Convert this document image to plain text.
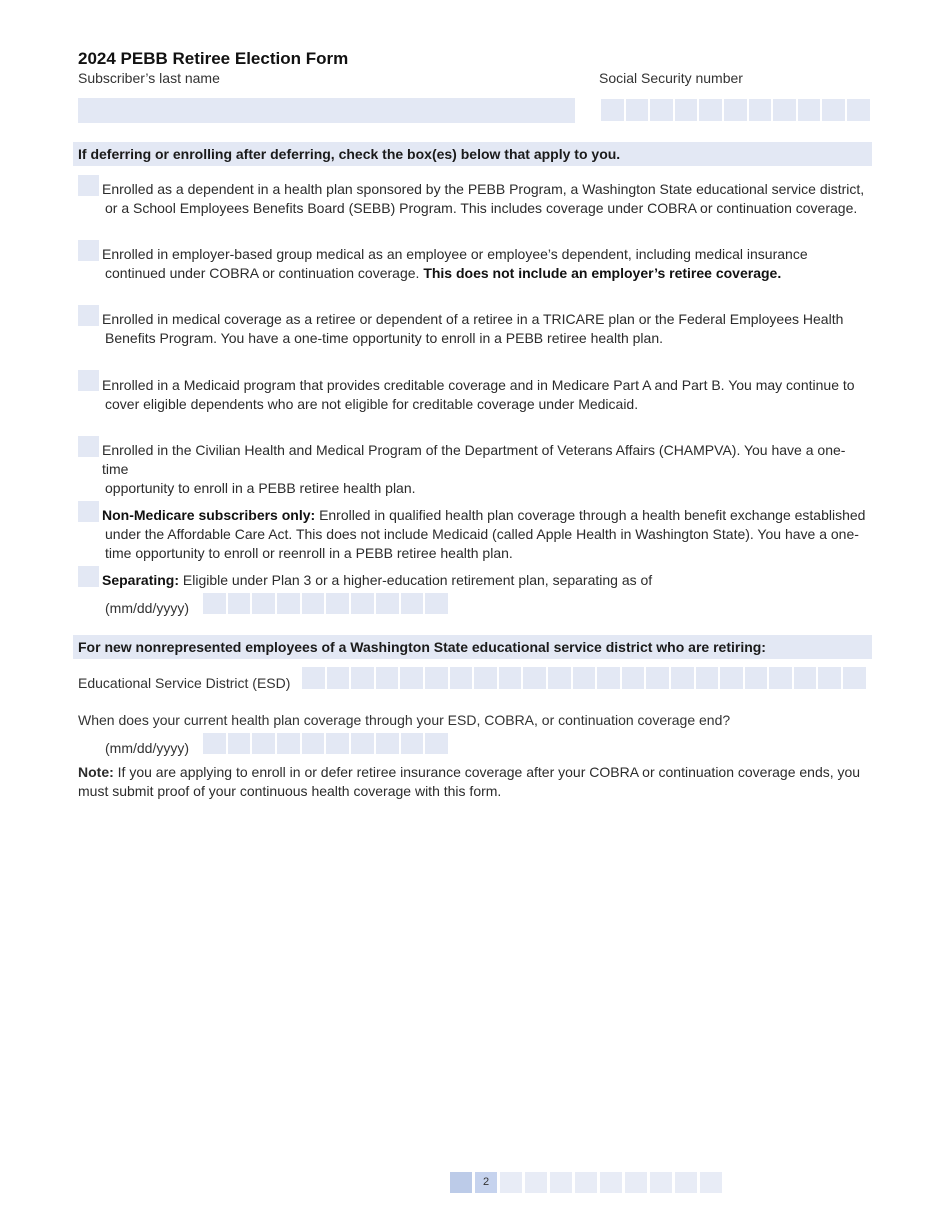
2024 PEBB Retiree Election Form
Subscriber’s last name	Social Security number
If deferring or enrolling after deferring, check the box(es) below that apply to you.
Enrolled as a dependent in a health plan sponsored by the PEBB Program, a Washington State educational service district,
or a School Employees Benefits Board (SEBB) Program. This includes coverage under COBRA or continuation coverage.
Enrolled in employer-based group medical as an employee or employee’s dependent, including medical insurance
continued under COBRA or continuation coverage. This does not include an employer’s retiree coverage.
Enrolled in medical coverage as a retiree or dependent of a retiree in a TRICARE plan or the Federal Employees Health
Benefits Program. You have a one-time opportunity to enroll in a PEBB retiree health plan.
Enrolled in a Medicaid program that provides creditable coverage and in Medicare Part A and Part B. You may continue to
cover eligible dependents who are not eligible for creditable coverage under Medicaid.
Enrolled in the Civilian Health and Medical Program of the Department of Veterans Affairs (CHAMPVA). You have a one-time
opportunity to enroll in a PEBB retiree health plan.
Non-Medicare subscribers only: Enrolled in qualified health plan coverage through a health benefit exchange established
under the Affordable Care Act. This does not include Medicaid (called Apple Health in Washington State). You have a one-
time opportunity to enroll or reenroll in a PEBB retiree health plan.
Separating: Eligible under Plan 3 or a higher-education retirement plan, separating as of
(mm/dd/yyyy)
For new nonrepresented employees of a Washington State educational service district who are retiring:
Educational Service District (ESD)
When does your current health plan coverage through your ESD, COBRA, or continuation coverage end?
(mm/dd/yyyy)
Note: If you are applying to enroll in or defer retiree insurance coverage after your COBRA or continuation coverage ends, you must submit proof of your continuous health coverage with this form.
2
